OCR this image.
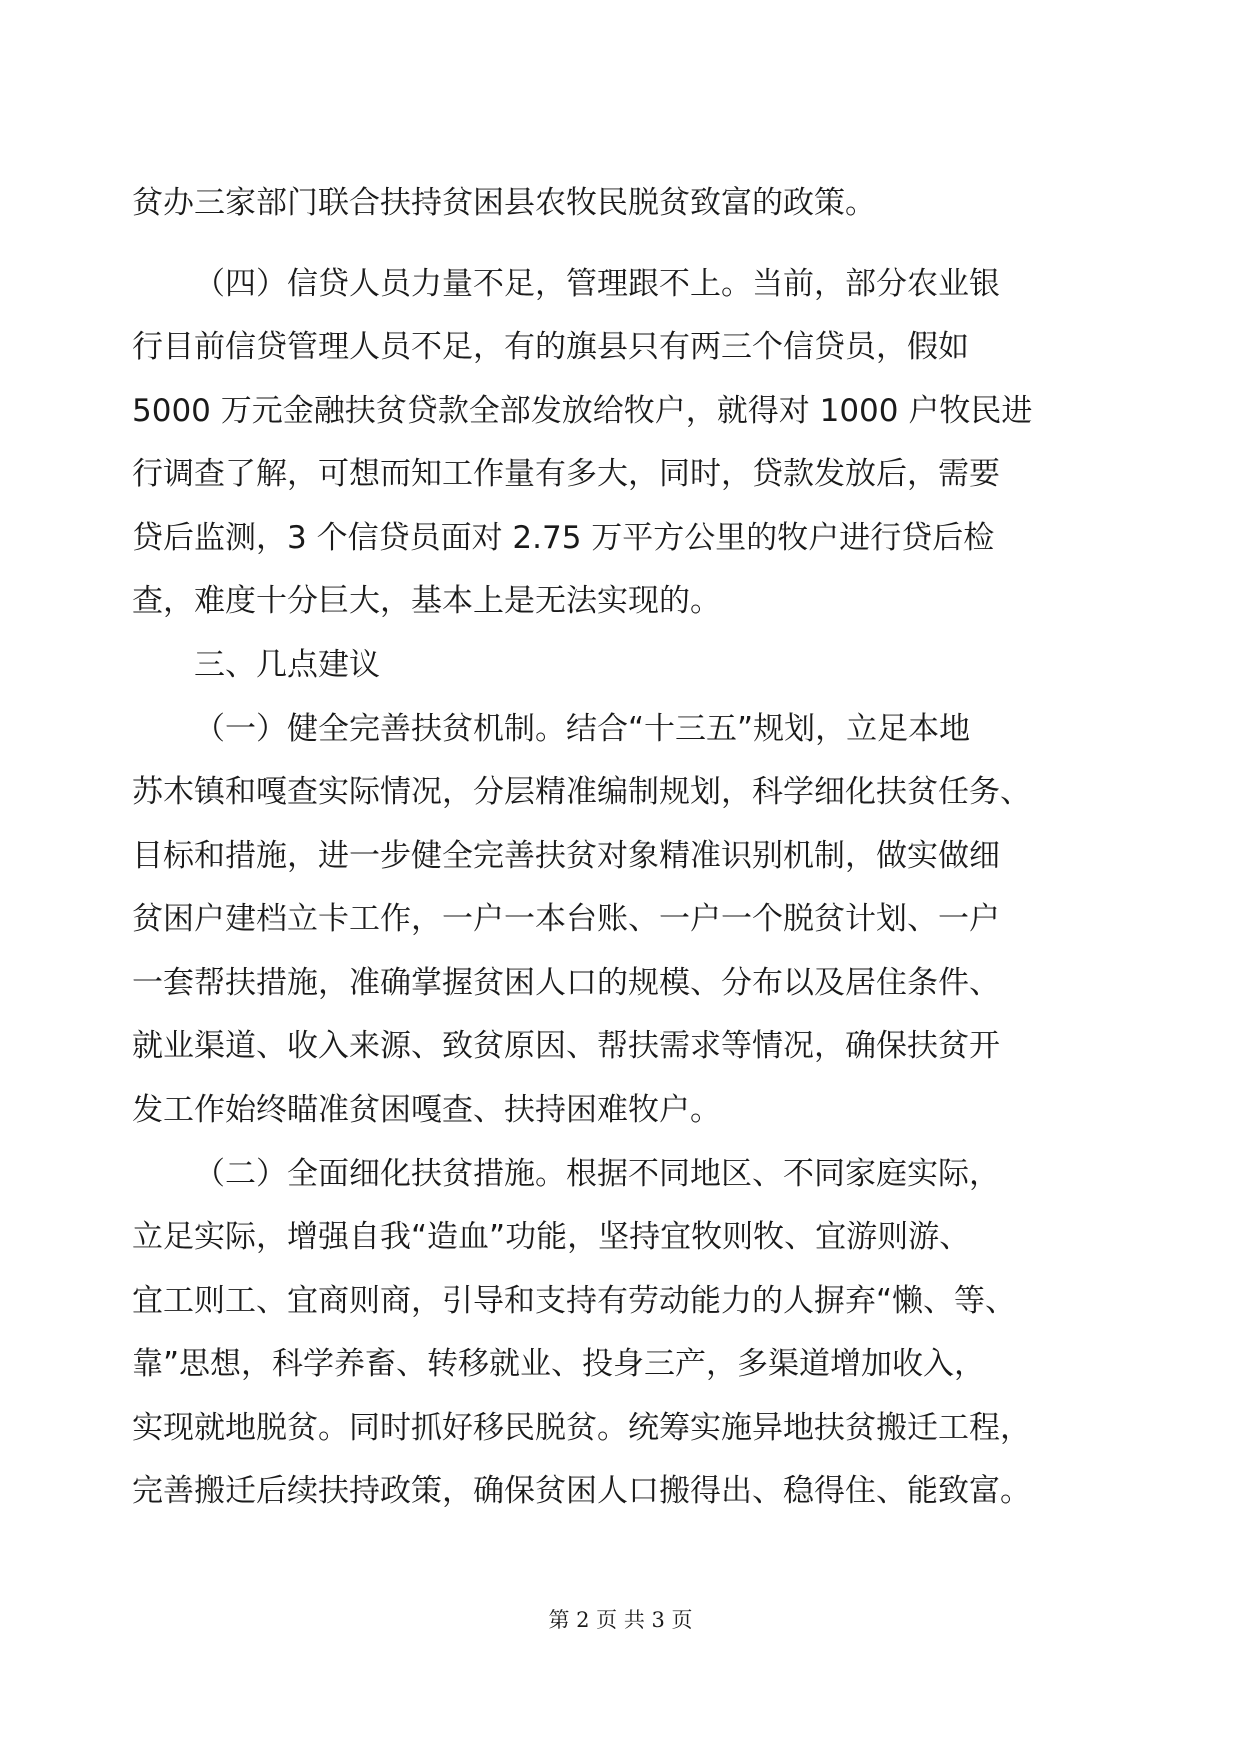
贫办三家部门联合扶持贫困县农牧民脱贫致富的政策。

（四）信贷人员力量不足，管理跟不上。当前，部分农业银

行目前信贷管理人员不足，有的旗县只有两三个信贷员，假如

5000 万元金融扶贫贷款全部发放给牧户，就得对 1000 户牧民进

行调查了解，可想而知工作量有多大，同时，贷款发放后，需要

贷后监测，3 个信贷员面对 2.75 万平方公里的牧户进行贷后检

查，难度十分巨大，基本上是无法实现的。

三、几点建议

（一）健全完善扶贫机制。结合“十三五”规划，立足本地

苏木镇和嘎查实际情况，分层精准编制规划，科学细化扶贫任务、

目标和措施，进一步健全完善扶贫对象精准识别机制，做实做细

贫困户建档立卡工作，一户一本台账、一户一个脱贫计划、一户

一套帮扶措施，准确掌握贫困人口的规模、分布以及居住条件、

就业渠道、收入来源、致贫原因、帮扶需求等情况，确保扶贫开

发工作始终瞄准贫困嘎查、扶持困难牧户。

（二）全面细化扶贫措施。根据不同地区、不同家庭实际，

立足实际，增强自我“造血”功能，坚持宜牧则牧、宜游则游、

宜工则工、宜商则商，引导和支持有劳动能力的人摒弃“懒、等、

靠”思想，科学养畜、转移就业、投身三产，多渠道增加收入，

实现就地脱贫。同时抓好移民脱贫。统筹实施异地扶贫搬迁工程，

完善搬迁后续扶持政策，确保贫困人口搬得出、稳得住、能致富。

第 2 页 共 3 页
